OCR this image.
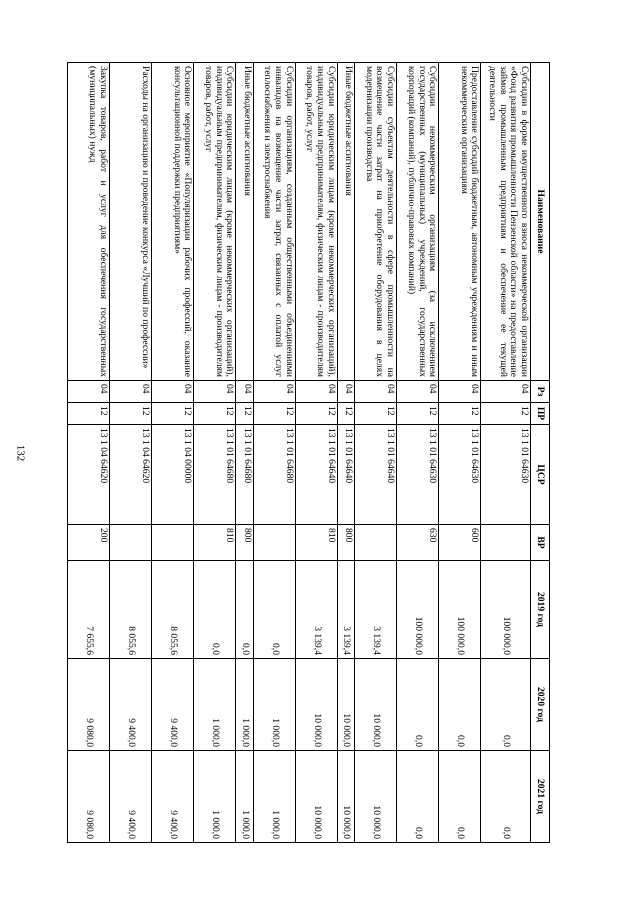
132
Наименование	Рз	ПР	ЦСР	ВР	2019 год	2020 год	2021 год
Субсидии в форме имущественного взноса некоммерческой организации «Фонд развития промышленности Пензенской области» на предоставление займов промышленным предприятиям и обеспечение ее текущей деятельности	04	12	13 1 01 64630		100 000,0	0,0	0,0
Предоставление субсидий бюджетным, автономным учреждениям и иным некоммерческим организациям	04	12	13 1 01 64630	600	100 000,0	0,0	0,0
Субсидии некоммерческим организациям (за исключением государственных (муниципальных) учреждений, государственных корпораций (компаний), публично-правовых компаний)	04	12	13 1 01 64630	630	100 000,0	0,0	0,0
Субсидии субъектам деятельности в сфере промышленности на возмещение части затрат на приобретение оборудования в целях модернизации производства	04	12	13 1 01 64640		3 139,4	10 000,0	10 000,0
Иные бюджетные ассигнования	04	12	13 1 01 64640	800	3 139,4	10 000,0	10 000,0
Субсидии юридическим лицам (кроме некоммерческих организаций), индивидуальным предпринимателям, физическим лицам - производителям товаров, работ, услуг	04	12	13 1 01 64640	810	3 139,4	10 000,0	10 000,0
Субсидии организациям, созданным общественными объединениями инвалидов на возмещение части затрат, связанных с оплатой услуг теплоснабжения и электроснабжения	04	12	13 1 01 64680		0,0	1 000,0	1 000,0
Иные бюджетные ассигнования	04	12	13 1 01 64680	800	0,0	1 000,0	1 000,0
Субсидии юридическим лицам (кроме некоммерческих организаций), индивидуальным предпринимателям, физическим лицам - производителям товаров, работ, услуг	04	12	13 1 01 64680	810	0,0	1 000,0	1 000,0
Основное мероприятие «Популяризация рабочих профессий, оказание консультационной поддержки предприятиям»	04	12	13 1 04 00000		8 055,6	9 400,0	9 400,0
Расходы на организацию и проведение конкурса «Лучший по профессии»	04	12	13 1 04 64620		8 055,6	9 400,0	9 400,0
Закупка товаров, работ и услуг для обеспечения государственных (муниципальных) нужд	04	12	13 1 04 64620	200	7 655,6	9 080,0	9 080,0
